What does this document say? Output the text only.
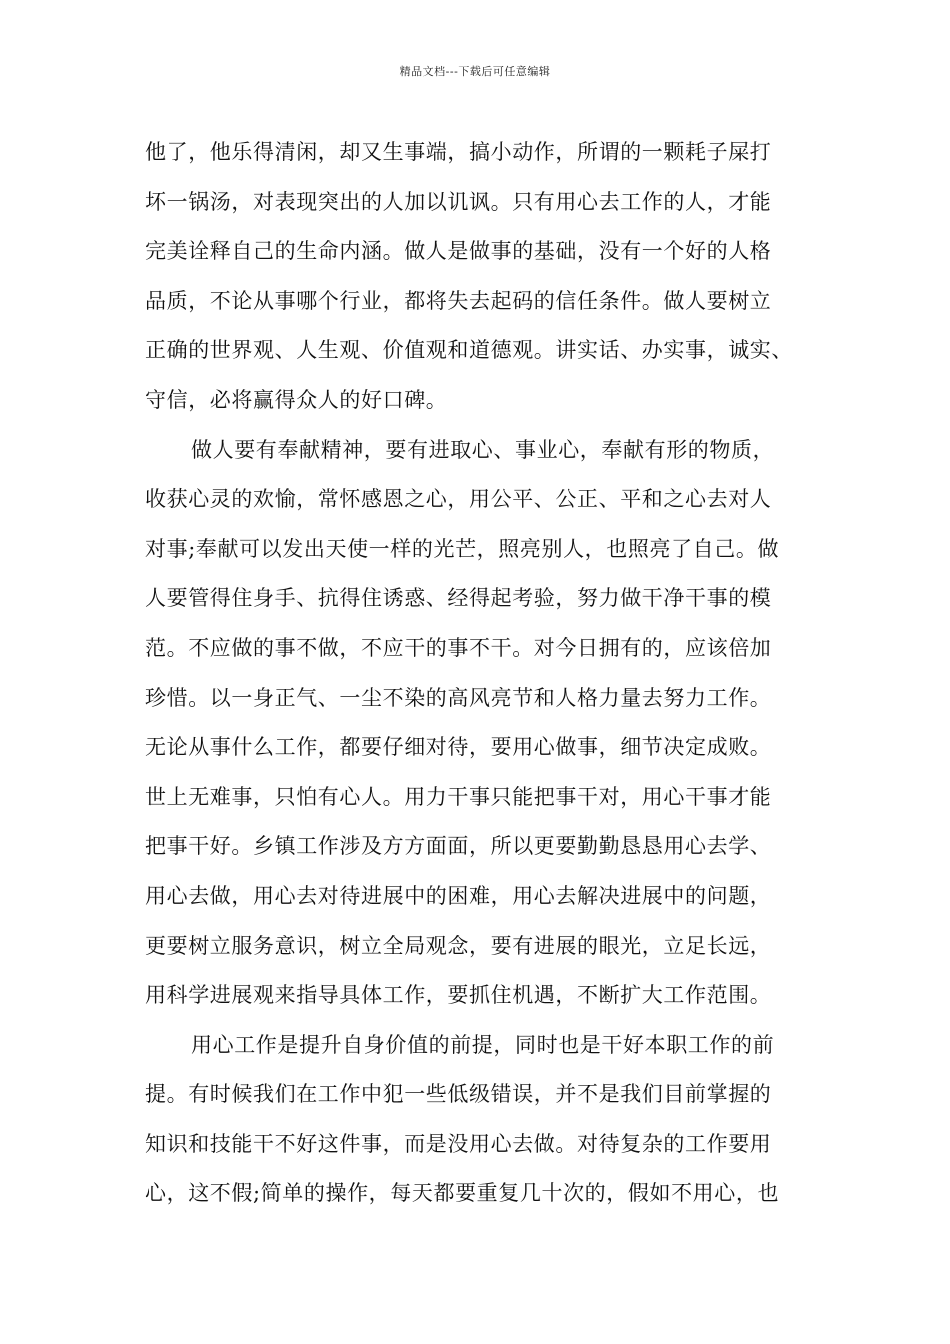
精品文档---下载后可任意编辑

他了，他乐得清闲，却又生事端，搞小动作，所谓的一颗耗子屎打
坏一锅汤，对表现突出的人加以讥讽。只有用心去工作的人，才能
完美诠释自己的生命内涵。做人是做事的基础，没有一个好的人格
品质，不论从事哪个行业，都将失去起码的信任条件。做人要树立
正确的世界观、人生观、价值观和道德观。讲实话、办实事，诚实、
守信，必将赢得众人的好口碑。

做人要有奉献精神，要有进取心、事业心，奉献有形的物质，
收获心灵的欢愉，常怀感恩之心，用公平、公正、平和之心去对人
对事;奉献可以发出天使一样的光芒，照亮别人，也照亮了自己。做
人要管得住身手、抗得住诱惑、经得起考验，努力做干净干事的模
范。不应做的事不做，不应干的事不干。对今日拥有的，应该倍加
珍惜。以一身正气、一尘不染的高风亮节和人格力量去努力工作。
无论从事什么工作，都要仔细对待，要用心做事，细节决定成败。
世上无难事，只怕有心人。用力干事只能把事干对，用心干事才能
把事干好。乡镇工作涉及方方面面，所以更要勤勤恳恳用心去学、
用心去做，用心去对待进展中的困难，用心去解决进展中的问题，
更要树立服务意识，树立全局观念，要有进展的眼光，立足长远，
用科学进展观来指导具体工作，要抓住机遇，不断扩大工作范围。

用心工作是提升自身价值的前提，同时也是干好本职工作的前
提。有时候我们在工作中犯一些低级错误，并不是我们目前掌握的
知识和技能干不好这件事，而是没用心去做。对待复杂的工作要用
心，这不假;简单的操作，每天都要重复几十次的，假如不用心，也
